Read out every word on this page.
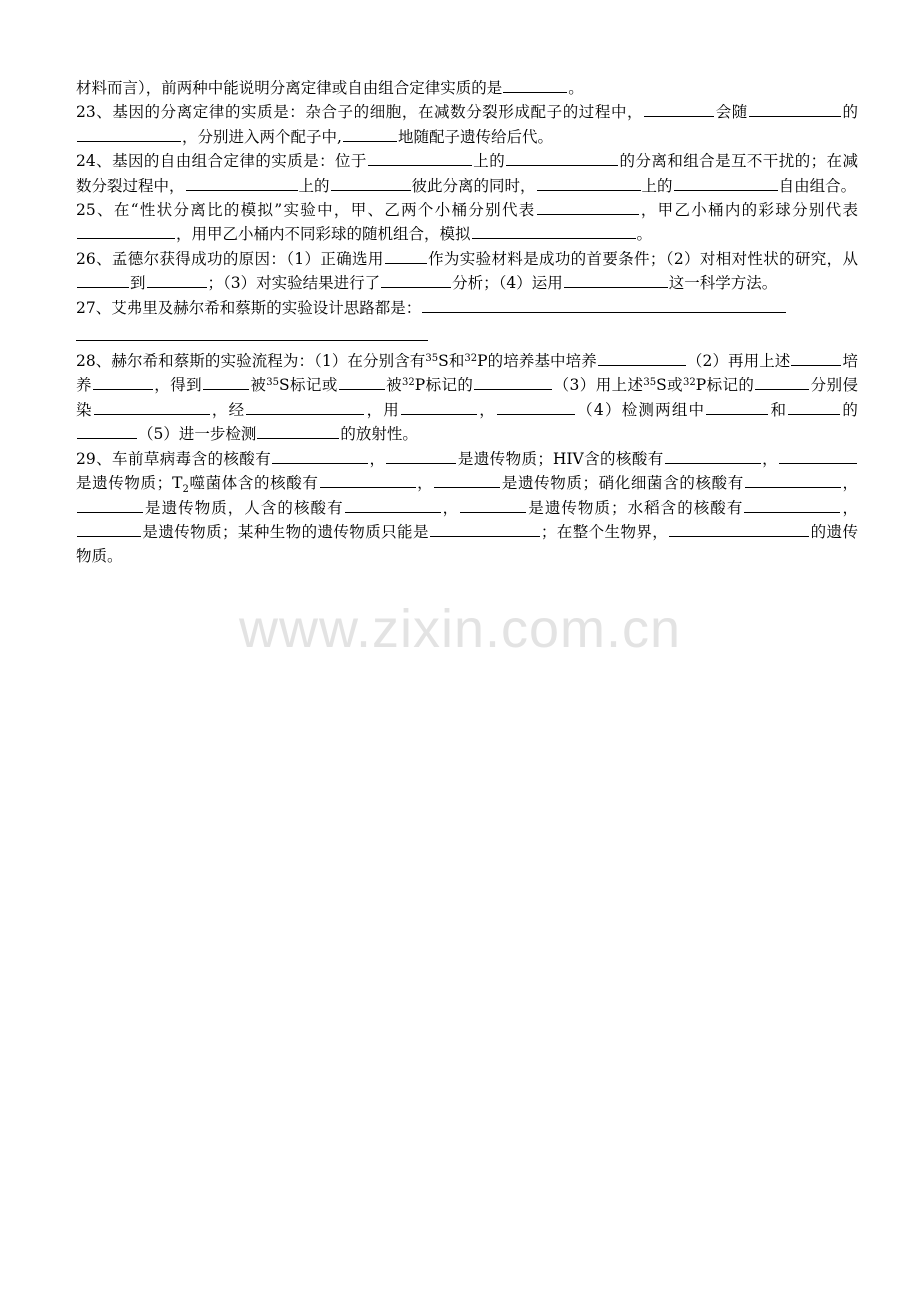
材料而言），前两种中能说明分离定律或自由组合定律实质的是	。

23、基因的分离定律的实质是：杂合子的细胞，在减数分裂形成配子的过程中，	会随	的，分别进入两个配子中,	地随配子遗传给后代。

24、基因的自由组合定律的实质是：位于	上的	的分离和组合是互不干扰的；在减数分裂过程中，	上的	彼此分离的同时，	上的	自由组合。

25、在“性状分离比的模拟”实验中，甲、乙两个小桶分别代表	，甲乙小桶内的彩球分别代表，用甲乙小桶内不同彩球的随机组合，模拟	。

26、孟德尔获得成功的原因：（1）正确选用	作为实验材料是成功的首要条件；（2）对相对性状的研究，从到	；（3）对实验结果进行了	分析；（4）运用	这一科学方法。

27、艾弗里及赫尔希和蔡斯的实验设计思路都是：

28、赫尔希和蔡斯的实验流程为：（1）在分别含有$^{35}$S和$^{32}$P的培养基中培养	（2）再用上述	培养	，得到	被$^{35}$S标记或	被$^{32}$P标记的	（3）用上述$^{35}$S或$^{32}$P标记的	分别侵染	，经	，用	，	（4）检测两组中	和	的（5）进一步检测	的放射性。

29、车前草病毒含的核酸有	，	是遗传物质；HIV含的核酸有	，是遗传物质；$T_2$噬菌体含的核酸有	，	是遗传物质；硝化细菌含的核酸有	，是遗传物质，人含的核酸有	，	是遗传物质；水稻含的核酸有	，是遗传物质；某种生物的遗传物质只能是	；在整个生物界，	的遗传物质。

www.zixin.com.cn
